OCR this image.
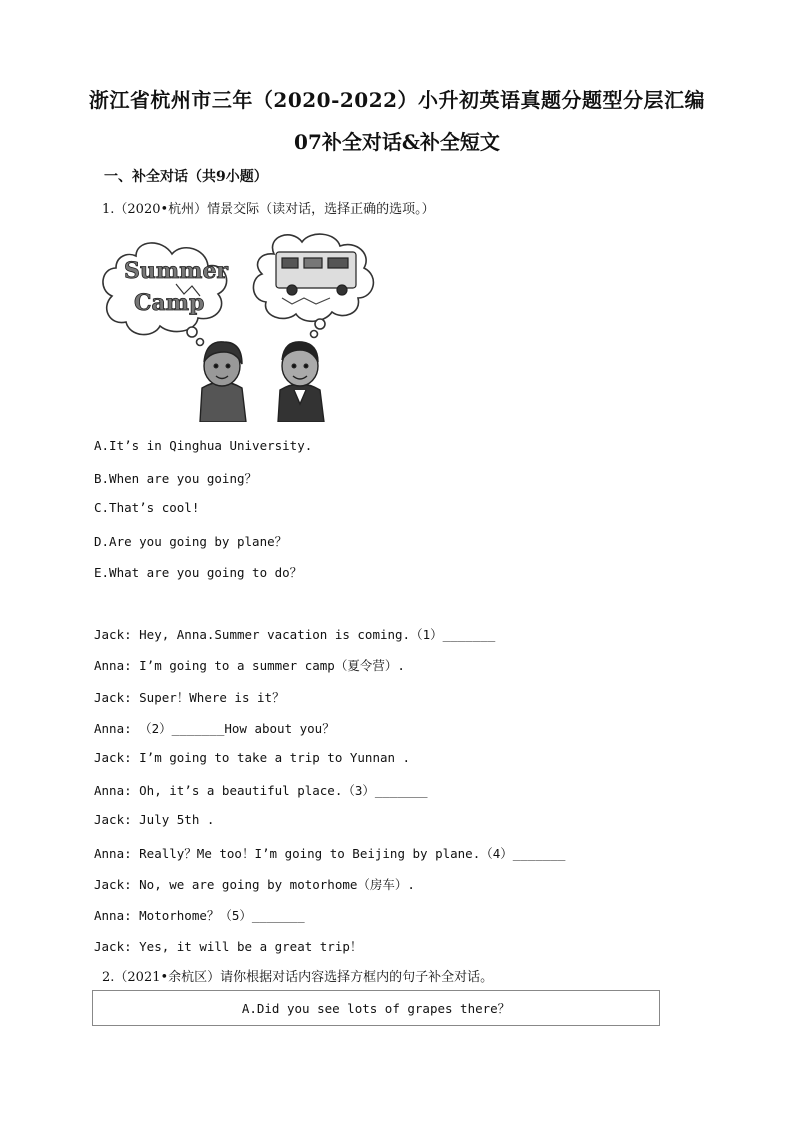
浙江省杭州市三年（2020-2022）小升初英语真题分题型分层汇编
07补全对话&补全短文
一、补全对话（共9小题）
1.（2020•杭州）情景交际（读对话，选择正确的选项。）
Summer
Camp
A.It’s in Qinghua University.
B.When are you going？
C.That’s cool!
D.Are you going by plane？
E.What are you going to do？
Jack: Hey, Anna.Summer vacation is coming.（1）_______
Anna: I’m going to a summer camp（夏令营）.
Jack: Super！Where is it？
Anna: （2）_______How about you？
Jack: I’m going to take a trip to Yunnan .
Anna: Oh, it’s a beautiful place.（3）_______
Jack: July 5th .
Anna: Really？Me too！I’m going to Beijing by plane.（4）_______
Jack: No, we are going by motorhome（房车）.
Anna: Motorhome？（5）_______
Jack: Yes, it will be a great trip！
2.（2021•余杭区）请你根据对话内容选择方框内的句子补全对话。
A.Did you see lots of grapes there？
